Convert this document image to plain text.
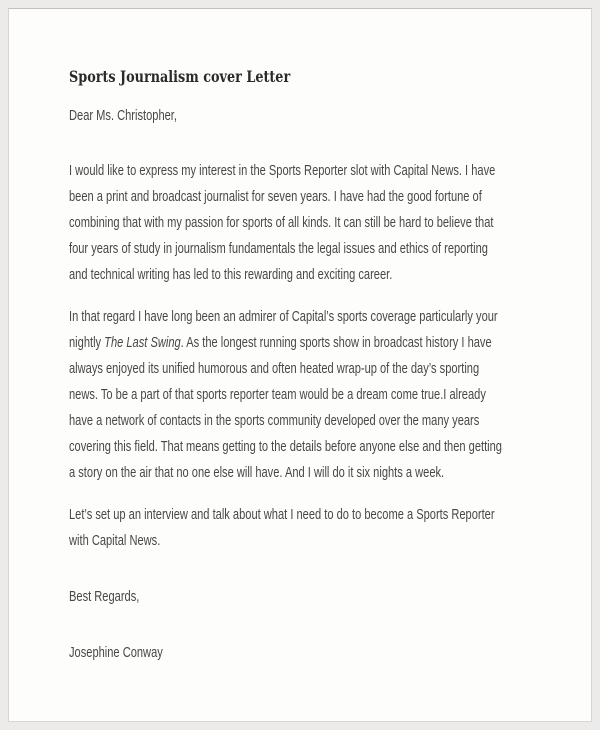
Sports Journalism cover Letter
Dear Ms. Christopher,
I would like to express my interest in the Sports Reporter slot with Capital News. I have
been a print and broadcast journalist for seven years. I have had the good fortune of
combining that with my passion for sports of all kinds. It can still be hard to believe that
four years of study in journalism fundamentals the legal issues and ethics of reporting
and technical writing has led to this rewarding and exciting career.
In that regard I have long been an admirer of Capital’s sports coverage particularly your
nightly The Last Swing. As the longest running sports show in broadcast history I have
always enjoyed its unified humorous and often heated wrap-up of the day’s sporting
news. To be a part of that sports reporter team would be a dream come true.I already
have a network of contacts in the sports community developed over the many years
covering this field. That means getting to the details before anyone else and then getting
a story on the air that no one else will have. And I will do it six nights a week.
Let’s set up an interview and talk about what I need to do to become a Sports Reporter
with Capital News.
Best Regards,
Josephine Conway
